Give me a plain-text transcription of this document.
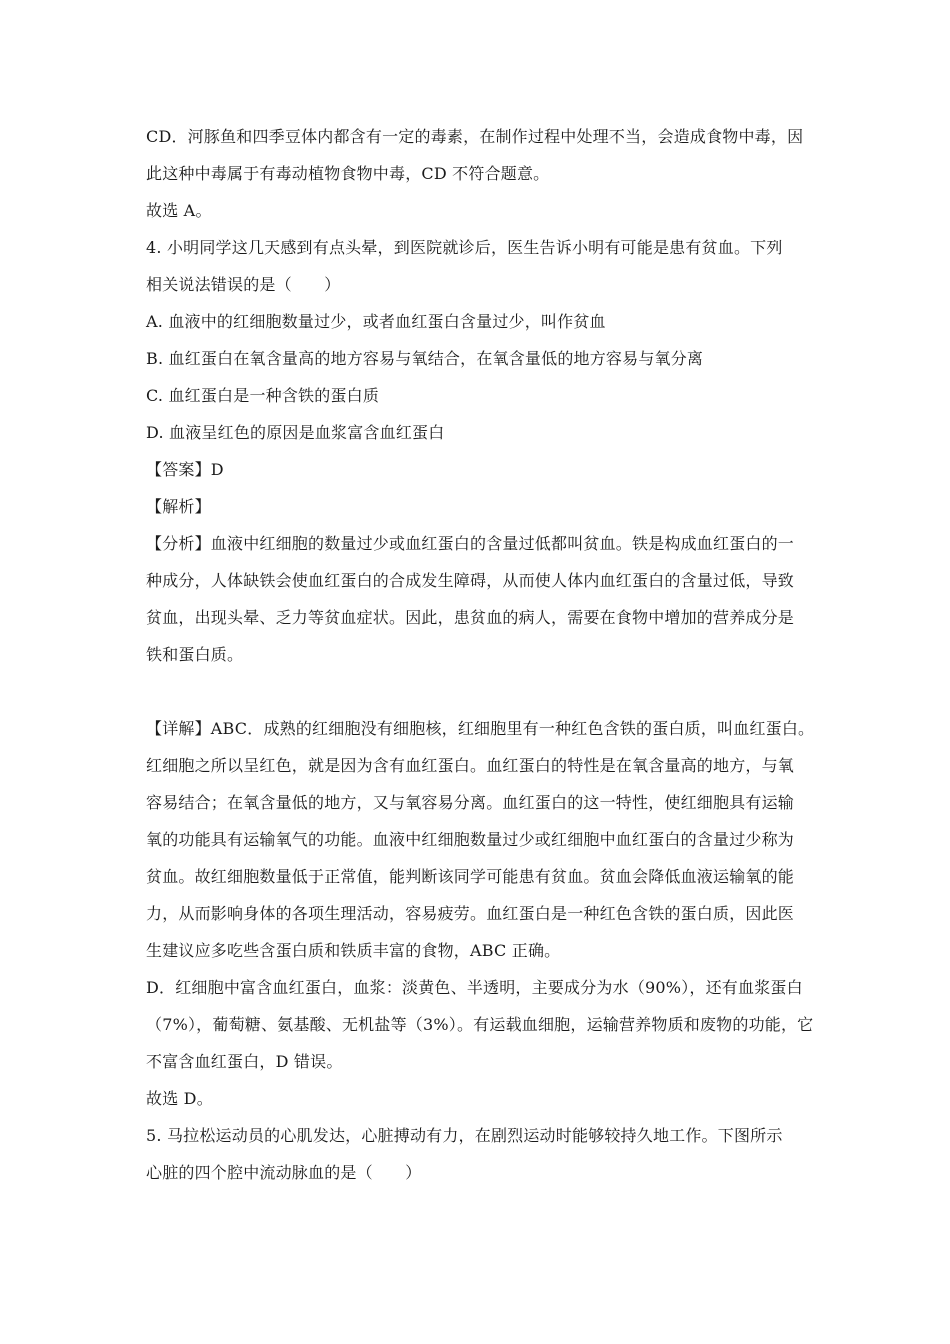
CD．河豚鱼和四季豆体内都含有一定的毒素，在制作过程中处理不当，会造成食物中毒，因
此这种中毒属于有毒动植物食物中毒，CD 不符合题意。
故选 A。
4. 小明同学这几天感到有点头晕，到医院就诊后，医生告诉小明有可能是患有贫血。下列
相关说法错误的是（　　）
A. 血液中的红细胞数量过少，或者血红蛋白含量过少，叫作贫血
B. 血红蛋白在氧含量高的地方容易与氧结合，在氧含量低的地方容易与氧分离
C. 血红蛋白是一种含铁的蛋白质
D. 血液呈红色的原因是血浆富含血红蛋白
【答案】D
【解析】
【分析】血液中红细胞的数量过少或血红蛋白的含量过低都叫贫血。铁是构成血红蛋白的一
种成分，人体缺铁会使血红蛋白的合成发生障碍，从而使人体内血红蛋白的含量过低，导致
贫血，出现头晕、乏力等贫血症状。因此，患贫血的病人，需要在食物中增加的营养成分是
铁和蛋白质。
【详解】ABC．成熟的红细胞没有细胞核，红细胞里有一种红色含铁的蛋白质，叫血红蛋白。
红细胞之所以呈红色，就是因为含有血红蛋白。血红蛋白的特性是在氧含量高的地方，与氧
容易结合；在氧含量低的地方，又与氧容易分离。血红蛋白的这一特性，使红细胞具有运输
氧的功能具有运输氧气的功能。血液中红细胞数量过少或红细胞中血红蛋白的含量过少称为
贫血。故红细胞数量低于正常值，能判断该同学可能患有贫血。贫血会降低血液运输氧的能
力，从而影响身体的各项生理活动，容易疲劳。血红蛋白是一种红色含铁的蛋白质，因此医
生建议应多吃些含蛋白质和铁质丰富的食物，ABC 正确。
D．红细胞中富含血红蛋白，血浆：淡黄色、半透明，主要成分为水（90%），还有血浆蛋白
（7%），葡萄糖、氨基酸、无机盐等（3%）。有运载血细胞，运输营养物质和废物的功能，它
不富含血红蛋白，D 错误。
故选 D。
5. 马拉松运动员的心肌发达，心脏搏动有力，在剧烈运动时能够较持久地工作。下图所示
心脏的四个腔中流动脉血的是（　　）
